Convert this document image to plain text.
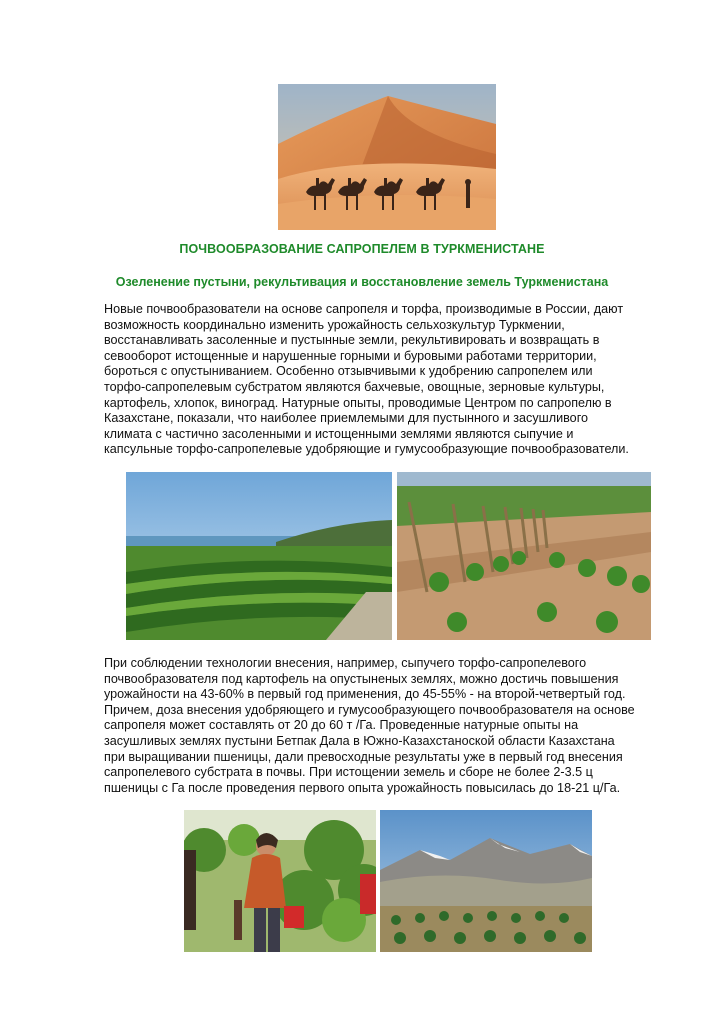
ПОЧВООБРАЗОВАНИЕ САПРОПЕЛЕМ В ТУРКМЕНИСТАНЕ
Озеленение пустыни, рекультивация и восстановление земель Туркменистана
Новые почвообразователи на основе сапропеля и торфа, производимые в России, дают
возможность координально изменить урожайность сельхозкультур Туркмении,
восстанавливать засоленные и пустынные земли, рекультивировать и возвращать в
севооборот истощенные и нарушенные горными и буровыми работами территории,
бороться с опустыниванием. Особенно отзывчивыми к удобрению сапропелем или
торфо-сапропелевым субстратом являются бахчевые, овощные, зерновые культуры,
картофель, хлопок, виноград. Натурные опыты, проводимые Центром по сапропелю в
Казахстане, показали, что наиболее приемлемыми для пустынного и засушливого
климата с частично засоленными и истощенными землями являются сыпучие и
капсульные торфо-сапропелевые удобряющие и гумусообразующие почвообразователи.
При соблюдении технологии внесения, например, сыпучего торфо-сапропелевого
почвообразователя под картофель на опустыненых землях, можно достичь повышения
урожайности на 43-60% в первый год применения, до 45-55% - на второй-четвертый год.
Причем, доза внесения удобряющего и гумусообразующего почвообразователя на основе
сапропеля может составлять от 20 до 60 т /Га. Проведенные натурные опыты на
засушливых землях пустыни Бетпак Дала в Южно-Казахстаноской области Казахстана
при выращивании пшеницы, дали превосходные результаты уже в первый год внесения
сапропелевого субстрата в почвы. При истощении земель и сборе не более 2-3.5 ц
пшеницы с Га после проведения первого опыта урожайность повысилась до 18-21 ц/Га.
